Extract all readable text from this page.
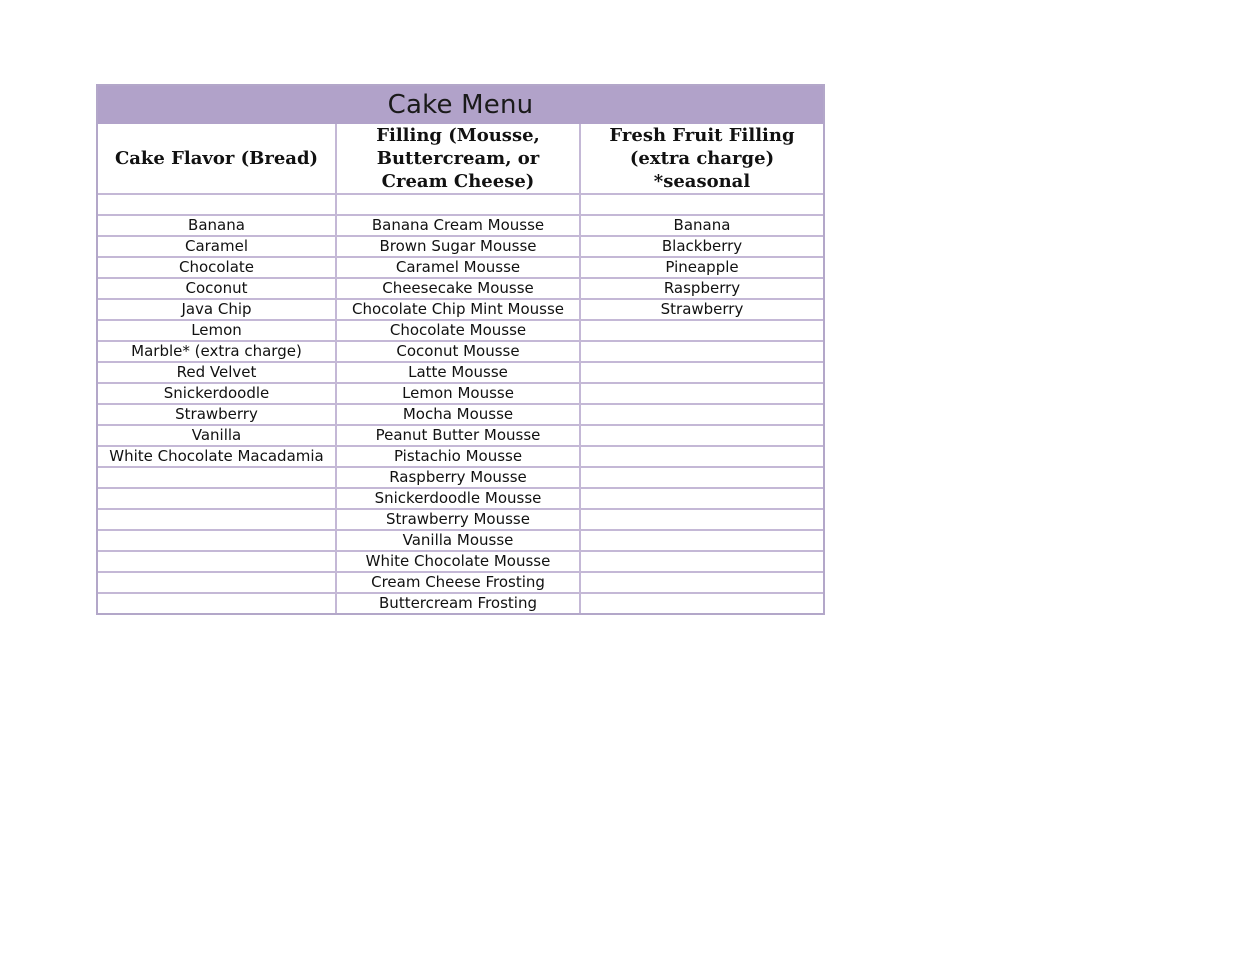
Cake Menu
Cake Flavor (Bread)	Filling (Mousse, Buttercream, or Cream Cheese)	Fresh Fruit Filling (extra charge) *seasonal

Banana	Banana Cream Mousse	Banana
Caramel	Brown Sugar Mousse	Blackberry
Chocolate	Caramel Mousse	Pineapple
Coconut	Cheesecake Mousse	Raspberry
Java Chip	Chocolate Chip Mint Mousse	Strawberry
Lemon	Chocolate Mousse	
Marble* (extra charge)	Coconut Mousse	
Red Velvet	Latte Mousse	
Snickerdoodle	Lemon Mousse	
Strawberry	Mocha Mousse	
Vanilla	Peanut Butter Mousse	
White Chocolate Macadamia	Pistachio Mousse	
	Raspberry Mousse	
	Snickerdoodle Mousse	
	Strawberry Mousse	
	Vanilla Mousse	
	White Chocolate Mousse	
	Cream Cheese Frosting	
	Buttercream Frosting	
